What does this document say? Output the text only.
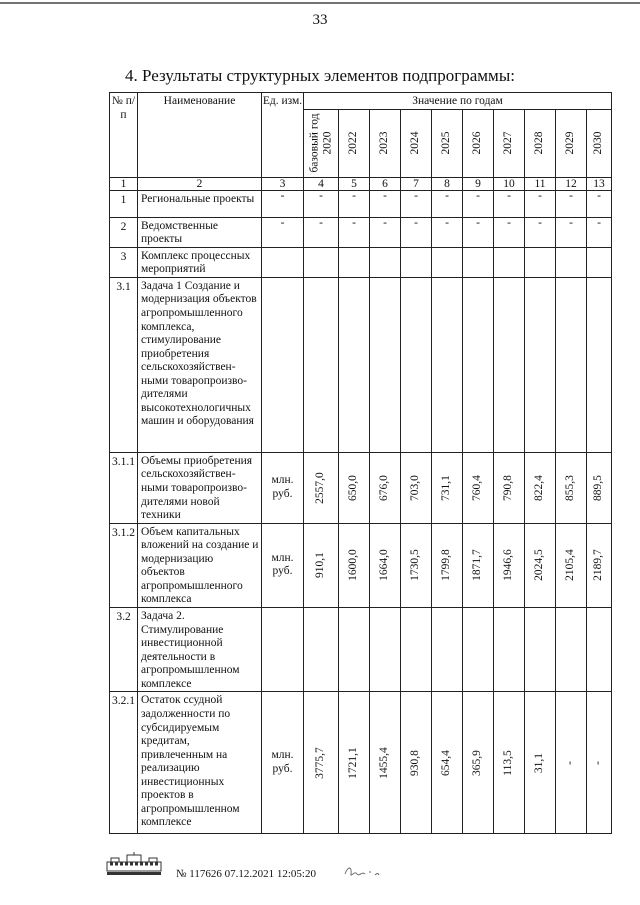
33
4. Результаты структурных элементов подпрограммы:
№ п/п	Наименование	Ед. изм.	Значение по годам									

			базовый год 2020	2022	2023	2024	2025	2026	2027	2028	2029	2030

1	2	3	4	5	6	7	8	9	10	11	12	13
1	Региональные проекты	-	-	-	-	-	-	-	-	-	-	-
2	Ведомственные проекты	-	-	-	-	-	-	-	-	-	-	-
3	Комплекс процессных мероприятий											
3.1	Задача 1 Создание и модернизация объектов агропромышленного комплекса, стимулирование приобретения сельскохозяйствен-ными товаропроизво-дителями высокотехнологичных машин и оборудования											
3.1.1	Объемы приобретения сельскохозяйствен-ными товаропроизво-дителями новой техники	млн. руб.	2557,0	650,0	676,0	703,0	731,1	760,4	790,8	822,4	855,3	889,5

3.1.2	Объем капитальных вложений на создание и модернизацию объектов агропромышленного комплекса	млн. руб.	910,1	1600,0	1664,0	1730,5	1799,8	1871,7	1946,6	2024,5	2105,4	2189,7

3.2	Задача 2. Стимулирование инвестиционной деятельности в агропромышленном комплексе											
3.2.1	Остаток ссудной задолженности по субсидируемым кредитам, привлеченным на реализацию инвестиционных проектов в агропромышленном комплексе	млн. руб.	3775,7	1721,1	1455,4	930,8	654,4	365,9	113,5	31,1	-	-
№ 117626 07.12.2021 12:05:20
